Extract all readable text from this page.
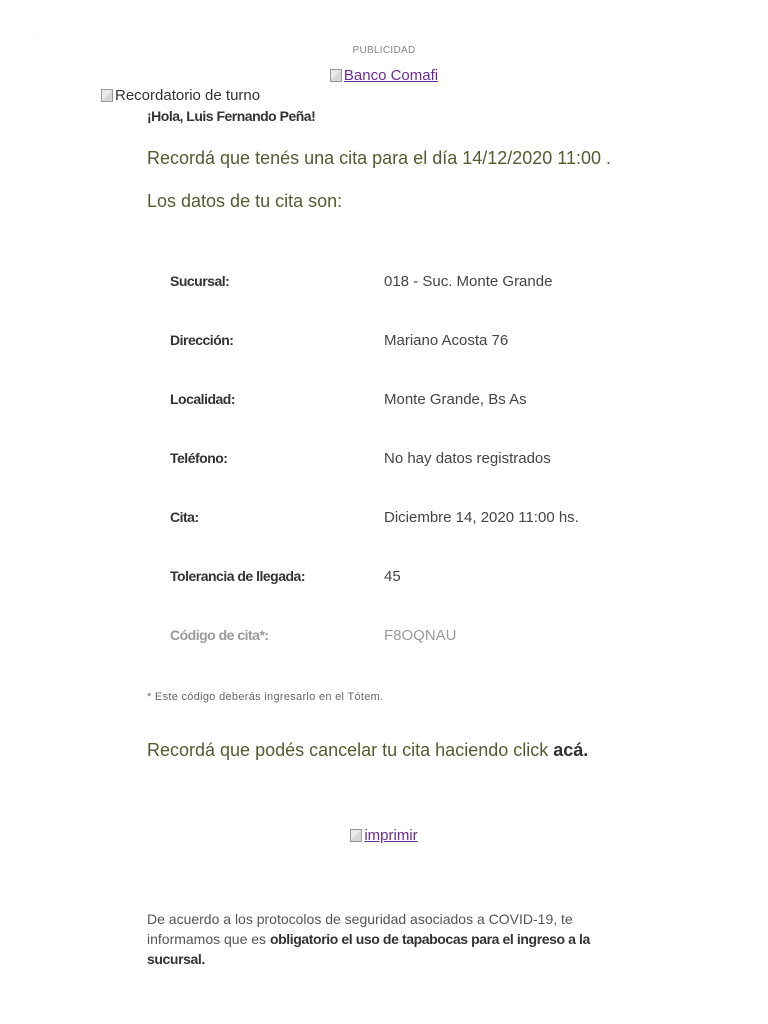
.
PUBLICIDAD
Banco Comafi
Recordatorio de turno
¡Hola, Luis Fernando Peña!
Recordá que tenés una cita para el día 14/12/2020 11:00 .
Los datos de tu cita son:
Sucursal:	018 - Suc. Monte Grande
Dirección:	Mariano Acosta 76
Localidad:	Monte Grande, Bs As
Teléfono:	No hay datos registrados
Cita:	Diciembre 14, 2020 11:00 hs.
Tolerancia de llegada:	45
Código de cita*:	F8OQNAU
* Este código deberás ingresarlo en el Tótem.
Recordá que podés cancelar tu cita haciendo click acá.
imprimir
De acuerdo a los protocolos de seguridad asociados a COVID-19, te informamos que es obligatorio el uso de tapabocas para el ingreso a la sucursal.
